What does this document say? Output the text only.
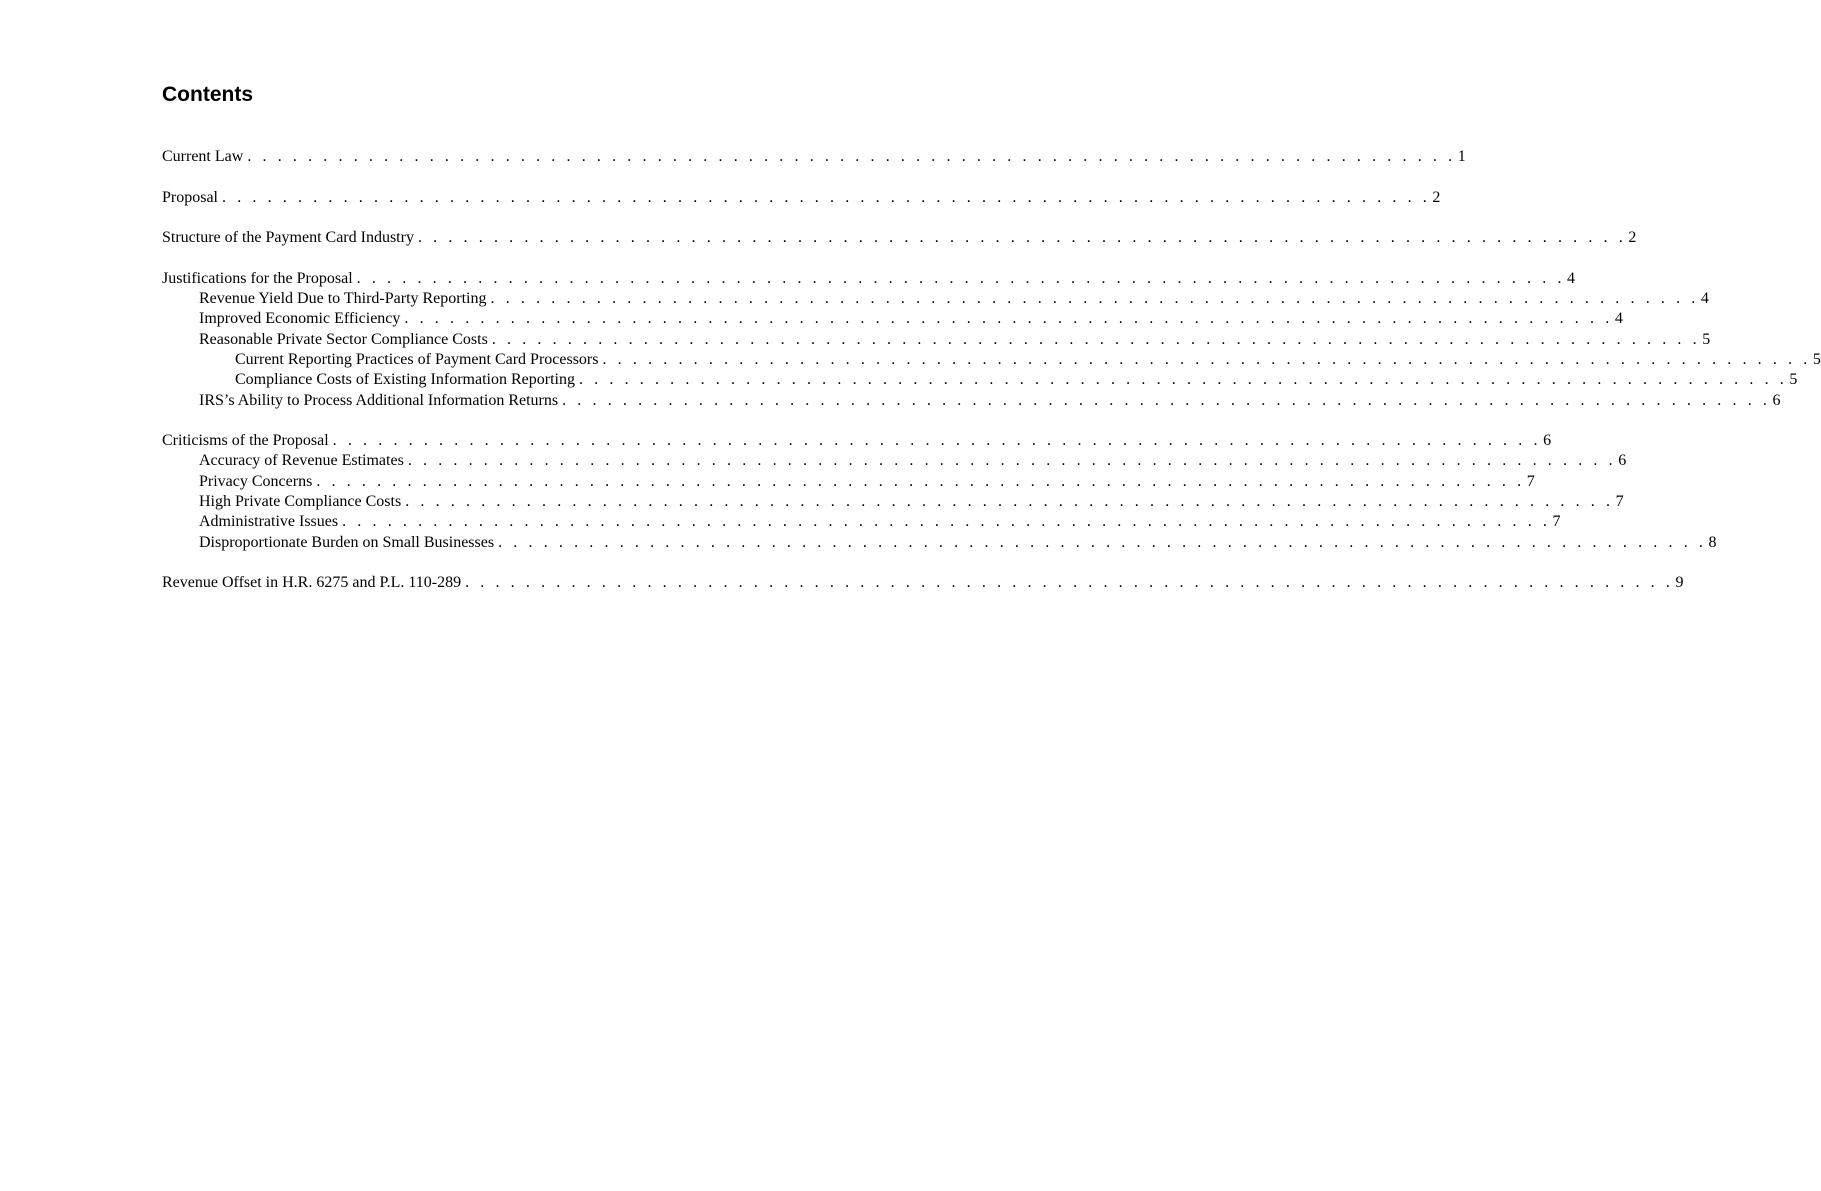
Contents
Current Law . . . . . . . . . . . . . . . . . . . . . . . . . . . . . . . . . . . . . . . . . . . . . . . . . . . . . . . . . . . . . . . . . . . . . . . . . . . . . . . . 1
Proposal . . . . . . . . . . . . . . . . . . . . . . . . . . . . . . . . . . . . . . . . . . . . . . . . . . . . . . . . . . . . . . . . . . . . . . . . . . . . . . . . 2
Structure of the Payment Card Industry . . . . . . . . . . . . . . . . . . . . . . . . . . . . . . . . . . . . . . . . . . . . . . . . . . . . . . . . . . . . . . . . . . . . . . . . . . . . . . . . 2
Justifications for the Proposal . . . . . . . . . . . . . . . . . . . . . . . . . . . . . . . . . . . . . . . . . . . . . . . . . . . . . . . . . . . . . . . . . . . . . . . . . . . . . . . . 4
Revenue Yield Due to Third-Party Reporting . . . . . . . . . . . . . . . . . . . . . . . . . . . . . . . . . . . . . . . . . . . . . . . . . . . . . . . . . . . . . . . . . . . . . . . . . . . . . . . . 4
Improved Economic Efficiency . . . . . . . . . . . . . . . . . . . . . . . . . . . . . . . . . . . . . . . . . . . . . . . . . . . . . . . . . . . . . . . . . . . . . . . . . . . . . . . . 4
Reasonable Private Sector Compliance Costs . . . . . . . . . . . . . . . . . . . . . . . . . . . . . . . . . . . . . . . . . . . . . . . . . . . . . . . . . . . . . . . . . . . . . . . . . . . . . . . . 5
Current Reporting Practices of Payment Card Processors . . . . . . . . . . . . . . . . . . . . . . . . . . . . . . . . . . . . . . . . . . . . . . . . . . . . . . . . . . . . . . . . . . . . . . . . . . . . . . . . 5
Compliance Costs of Existing Information Reporting . . . . . . . . . . . . . . . . . . . . . . . . . . . . . . . . . . . . . . . . . . . . . . . . . . . . . . . . . . . . . . . . . . . . . . . . . . . . . . . . 5
IRS’s Ability to Process Additional Information Returns . . . . . . . . . . . . . . . . . . . . . . . . . . . . . . . . . . . . . . . . . . . . . . . . . . . . . . . . . . . . . . . . . . . . . . . . . . . . . . . . 6
Criticisms of the Proposal . . . . . . . . . . . . . . . . . . . . . . . . . . . . . . . . . . . . . . . . . . . . . . . . . . . . . . . . . . . . . . . . . . . . . . . . . . . . . . . . 6
Accuracy of Revenue Estimates . . . . . . . . . . . . . . . . . . . . . . . . . . . . . . . . . . . . . . . . . . . . . . . . . . . . . . . . . . . . . . . . . . . . . . . . . . . . . . . . 6
Privacy Concerns . . . . . . . . . . . . . . . . . . . . . . . . . . . . . . . . . . . . . . . . . . . . . . . . . . . . . . . . . . . . . . . . . . . . . . . . . . . . . . . . 7
High Private Compliance Costs . . . . . . . . . . . . . . . . . . . . . . . . . . . . . . . . . . . . . . . . . . . . . . . . . . . . . . . . . . . . . . . . . . . . . . . . . . . . . . . . 7
Administrative Issues . . . . . . . . . . . . . . . . . . . . . . . . . . . . . . . . . . . . . . . . . . . . . . . . . . . . . . . . . . . . . . . . . . . . . . . . . . . . . . . . 7
Disproportionate Burden on Small Businesses . . . . . . . . . . . . . . . . . . . . . . . . . . . . . . . . . . . . . . . . . . . . . . . . . . . . . . . . . . . . . . . . . . . . . . . . . . . . . . . . 8
Revenue Offset in H.R. 6275 and P.L. 110-289 . . . . . . . . . . . . . . . . . . . . . . . . . . . . . . . . . . . . . . . . . . . . . . . . . . . . . . . . . . . . . . . . . . . . . . . . . . . . . . . . 9
